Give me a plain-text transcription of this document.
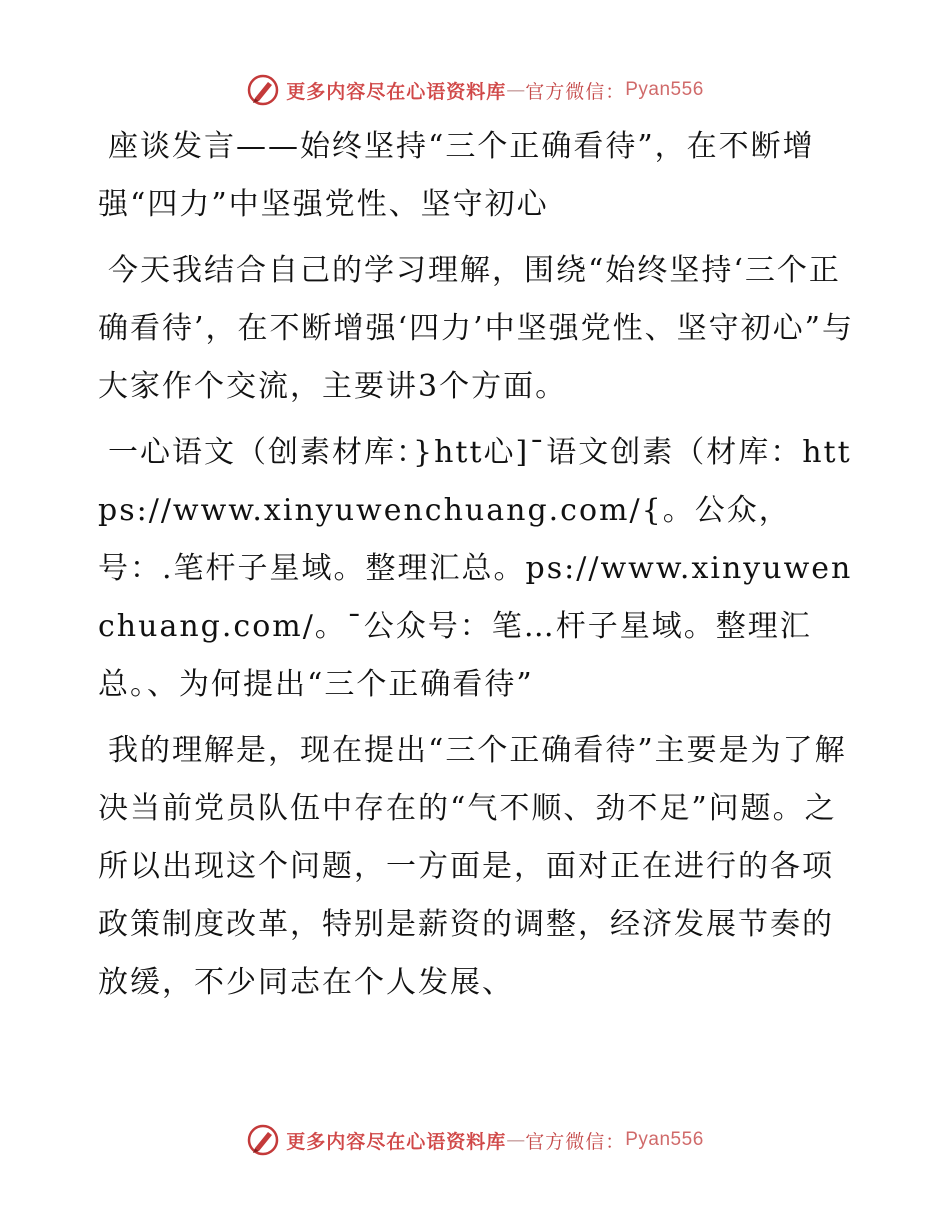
更多内容尽在心语资料库 — 官方微信： Pyan556

座谈发言——始终坚持“三个正确看待”，在不断增强“四力”中坚强党性、坚守初心

今天我结合自己的学习理解，围绕“始终坚持‘三个正确看待’，在不断增强‘四力’中坚强党性、坚守初心”与大家作个交流，主要讲3个方面。

一心语文（创素材库：}htt心]¯语文创素（材库：https://www.xinyuwenchuang.com/{。公众，号：.笔杆子星域。整理汇总。ps://www.xinyuwenchuang.com/。¯公众号：笔…杆子星域。整理汇总。、为何提出“三个正确看待”

我的理解是，现在提出“三个正确看待”主要是为了解决当前党员队伍中存在的“气不顺、劲不足”问题。之所以出现这个问题，一方面是，面对正在进行的各项政策制度改革，特别是薪资的调整，经济发展节奏的放缓，不少同志在个人发展、

更多内容尽在心语资料库 — 官方微信： Pyan556
